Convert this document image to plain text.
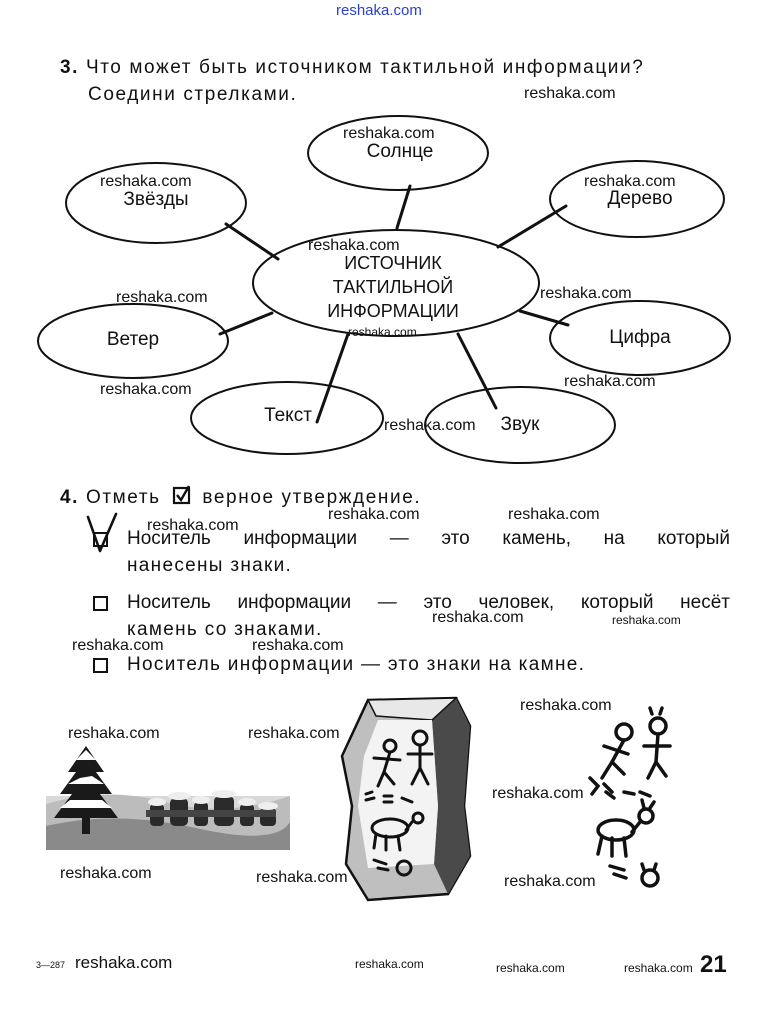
reshaka.com
3. Что может быть источником тактильной информации?
Соедини стрелками.	reshaka.com
ИСТОЧНИК
ТАКТИЛЬНОЙ
ИНФОРМАЦИИ
Солнце
Звёзды	Дерево
Ветер	Цифра
Текст	Звук
reshaka.com
reshaka.com	reshaka.com
reshaka.com
reshaka.com	reshaka.com
reshaka.com
reshaka.com
reshaka.com
reshaka.com
4. Отметь верное утверждение.
reshaka.com
reshaka.com	reshaka.com
reshaka.com	reshaka.com
reshaka.com	reshaka.com
Носитель информации — это камень, на который
нанесены знаки.
Носитель информации — это человек, который несёт
камень со знаками.
Носитель информации — это знаки на камне.
reshaka.com	reshaka.com
reshaka.com
reshaka.com
reshaka.com	reshaka.com	reshaka.com
3—287 reshaka.com	reshaka.com	reshaka.com	reshaka.com 21
